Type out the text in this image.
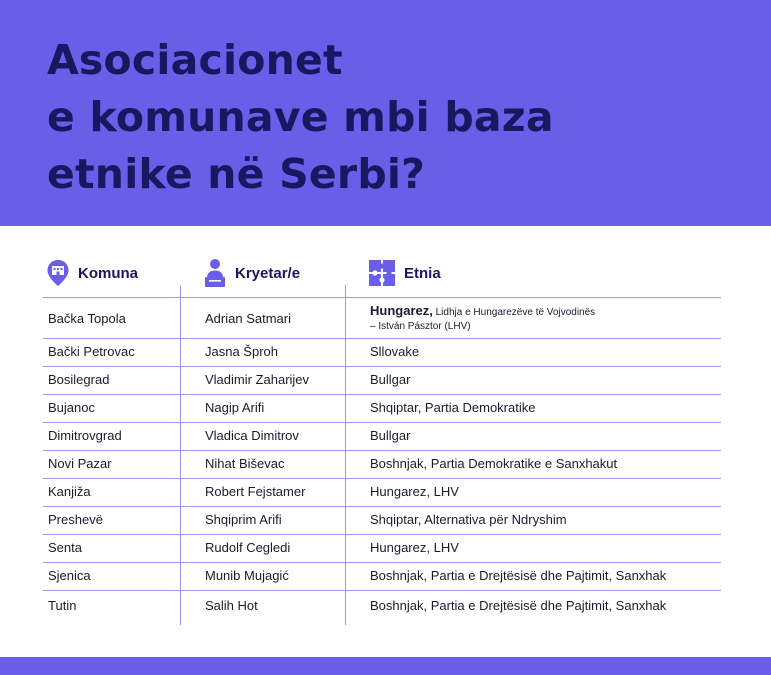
Asociacionet
e komunave mbi baza
etnike në Serbi?
Komuna	Kryetar/e	Etnia
Bačka Topola	Adrian Satmari
Hungarez, Lidhja e Hungarezëve të Vojvodinës
– István Pásztor (LHV)
Bački Petrovac	Jasna Šproh	Sllovake
Bosilegrad	Vladimir Zaharijev	Bullgar
Bujanoc	Nagip Arifi	Shqiptar, Partia Demokratike
Dimitrovgrad	Vladica Dimitrov	Bullgar
Novi Pazar	Nihat Biševac	Boshnjak, Partia Demokratike e Sanxhakut
Kanjiža	Robert Fejstamer	Hungarez, LHV
Preshevë	Shqiprim Arifi	Shqiptar, Alternativa për Ndryshim
Senta	Rudolf Cegledi	Hungarez, LHV
Sjenica	Munib Mujagić	Boshnjak, Partia e Drejtësisë dhe Pajtimit, Sanxhak
Tutin	Salih Hot	Boshnjak, Partia e Drejtësisë dhe Pajtimit, Sanxhak
